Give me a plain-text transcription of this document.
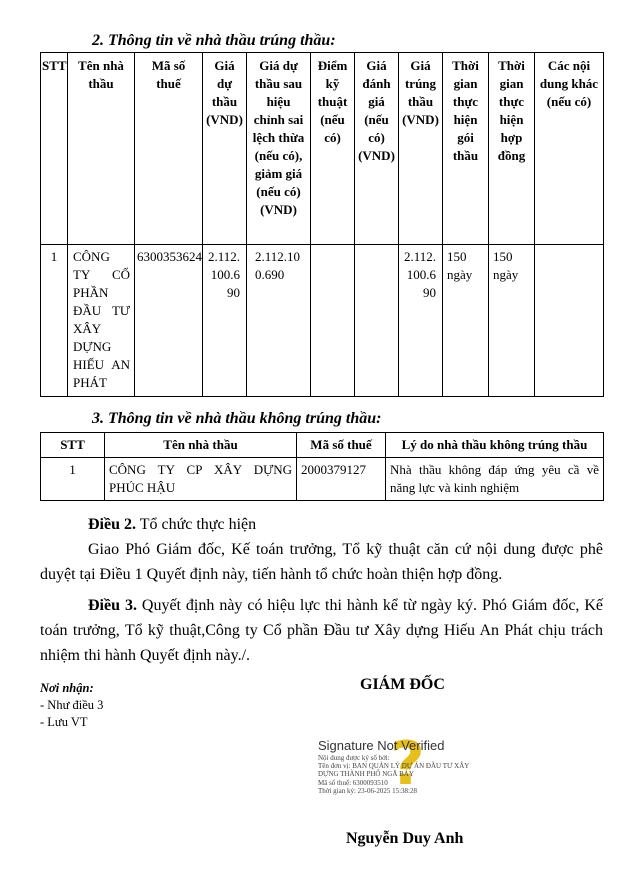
2. Thông tin về nhà thầu trúng thầu:

STT	Tên nhà thầu	Mã số thuế	Giá dự thầu (VND)	Giá dự thầu sau hiệu chỉnh sai lệch thừa (nếu có), giảm giá (nếu có) (VND)	Điểm kỹ thuật (nếu có)	Giá đánh giá (nếu có) (VND)	Giá trúng thầu (VND)	Thời gian thực hiện gói thầu	Thời gian thực hiện hợp đồng	Các nội dung khác (nếu có)
1	CÔNG TY CỔ PHẦN ĐẦU TƯ XÂY DỰNG HIẾU AN PHÁT	6300353624	2.112.100.690	2.112.100.690			2.112.100.690	150 ngày	150 ngày	

3. Thông tin về nhà thầu không trúng thầu:

STT	Tên nhà thầu	Mã số thuế	Lý do nhà thầu không trúng thầu
1	CÔNG TY CP XÂY DỰNG PHÚC HẬU	2000379127	Nhà thầu không đáp ứng yêu cầ về năng lực và kinh nghiệm

Điều 2. Tổ chức thực hiện

Giao Phó Giám đốc, Kế toán trưởng, Tổ kỹ thuật căn cứ nội dung được phê duyệt tại Điều 1 Quyết định này, tiến hành tổ chức hoàn thiện hợp đồng.

Điều 3. Quyết định này có hiệu lực thi hành kể từ ngày ký. Phó Giám đốc, Kế toán trưởng, Tổ kỹ thuật,Công ty Cổ phần Đầu tư Xây dựng Hiếu An Phát chịu trách nhiệm thi hành Quyết định này./.

Nơi nhận:
- Như điều 3
- Lưu VT
GIÁM ĐỐC
?
Signature Not Verified
Nội dung được ký số bởi:
Tên đơn vị: BAN QUẢN LÝ DỰ ÁN ĐẦU TƯ XÂY
DỰNG THÀNH PHỐ NGÃ BẢY
Mã số thuế: 6300093510
Thời gian ký: 23-06-2025 15:38:28
Nguyễn Duy Anh
